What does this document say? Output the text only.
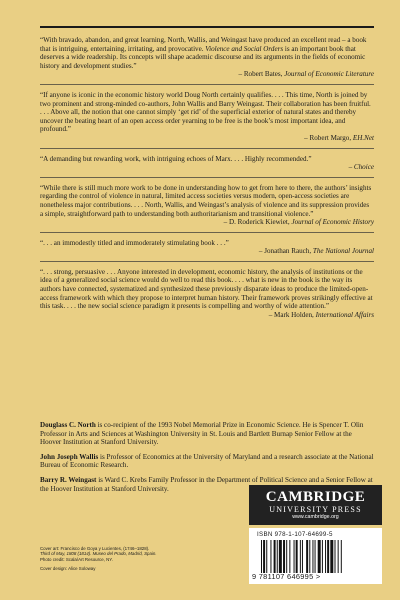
“With bravado, abandon, and great learning, North, Wallis, and Weingast have produced an excellent read – a book that is intriguing, entertaining, irritating, and provocative. Violence and Social Orders is an important book that deserves a wide readership. Its concepts will shape academic discourse and its arguments in the fields of economic history and development studies.”

– Robert Bates, Journal of Economic Literature

“If anyone is iconic in the economic history world Doug North certainly qualifies. . . . This time, North is joined by two prominent and strong-minded co-authors, John Wallis and Barry Weingast. Their collaboration has been fruitful. . . . Above all, the notion that one cannot simply ‘get rid’ of the superficial exterior of natural states and thereby uncover the beating heart of an open access order yearning to be free is the book’s most important idea, and profound.”

– Robert Margo, EH.Net

“A demanding but rewarding work, with intriguing echoes of Marx. . . . Highly recommended.”

– Choice

“While there is still much more work to be done in understanding how to get from here to there, the authors’ insights regarding the control of violence in natural, limited access societies versus modern, open-access societies are nonetheless major contributions. . . . North, Wallis, and Weingast’s analysis of violence and its suppression provides a simple, straightforward path to understanding both authoritarianism and transitional violence.”

– D. Roderick Kiewiet, Journal of Economic History

“. . . an immodestly titled and immoderately stimulating book . . .”

– Jonathan Rauch, The National Journal

“. . . strong, persuasive . . . Anyone interested in development, economic history, the analysis of institutions or the idea of a generalized social science would do well to read this book. . . . what is new in the book is the way its authors have connected, systematized and synthesized these previously disparate ideas to produce the limited-open-access framework with which they propose to interpret human history. Their framework proves strikingly effective at this task. . . . the new social science paradigm it presents is compelling and worthy of wide attention.”

– Mark Holden, International Affairs

Douglass C. North is co-recipient of the 1993 Nobel Memorial Prize in Economic Science. He is Spencer T. Olin Professor in Arts and Sciences at Washington University in St. Louis and Bartlett Burnap Senior Fellow at the Hoover Institution at Stanford University.

John Joseph Wallis is Professor of Economics at the University of Maryland and a research associate at the National Bureau of Economic Research.

Barry R. Weingast is Ward C. Krebs Family Professor in the Department of Political Science and a Senior Fellow at the Hoover Institution at Stanford University.

CAMBRIDGE
UNIVERSITY PRESS
www.cambridge.org
ISBN 978-1-107-64699-5
9 781107 646995 >
Cover art: Francisco de Goya y Lucientes, (1746–1828).
Third of May, 1808 (1814). Museo del Prado, Madrid, Spain.
Photo credit: Scala/Art Resource, NY.
Cover design: Alice Soloway
